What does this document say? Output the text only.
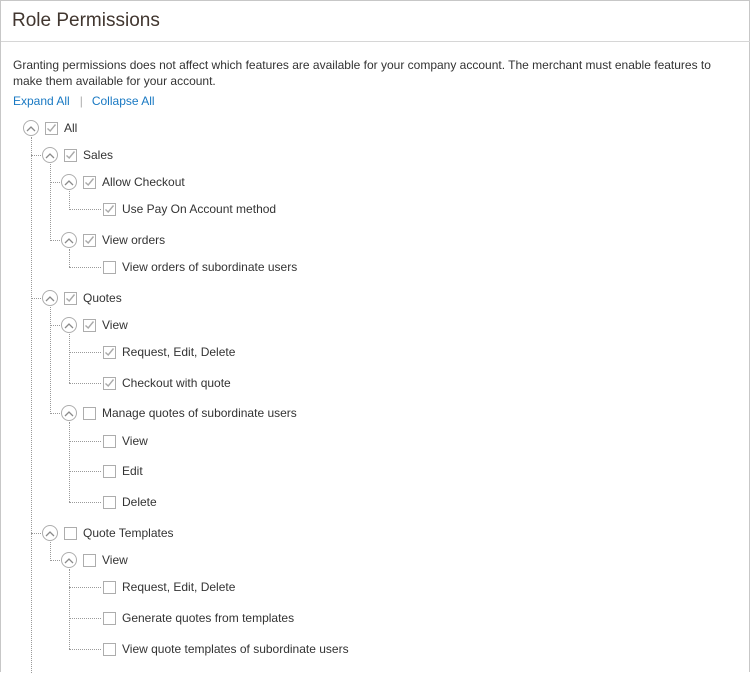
Role Permissions
Granting permissions does not affect which features are available for your company account. The merchant must enable features to make them available for your account.
Expand All | Collapse All
All
Sales
Allow Checkout
Use Pay On Account method
View orders
View orders of subordinate users
Quotes
View
Request, Edit, Delete
Checkout with quote
Manage quotes of subordinate users
View
Edit
Delete
Quote Templates
View
Request, Edit, Delete
Generate quotes from templates
View quote templates of subordinate users
